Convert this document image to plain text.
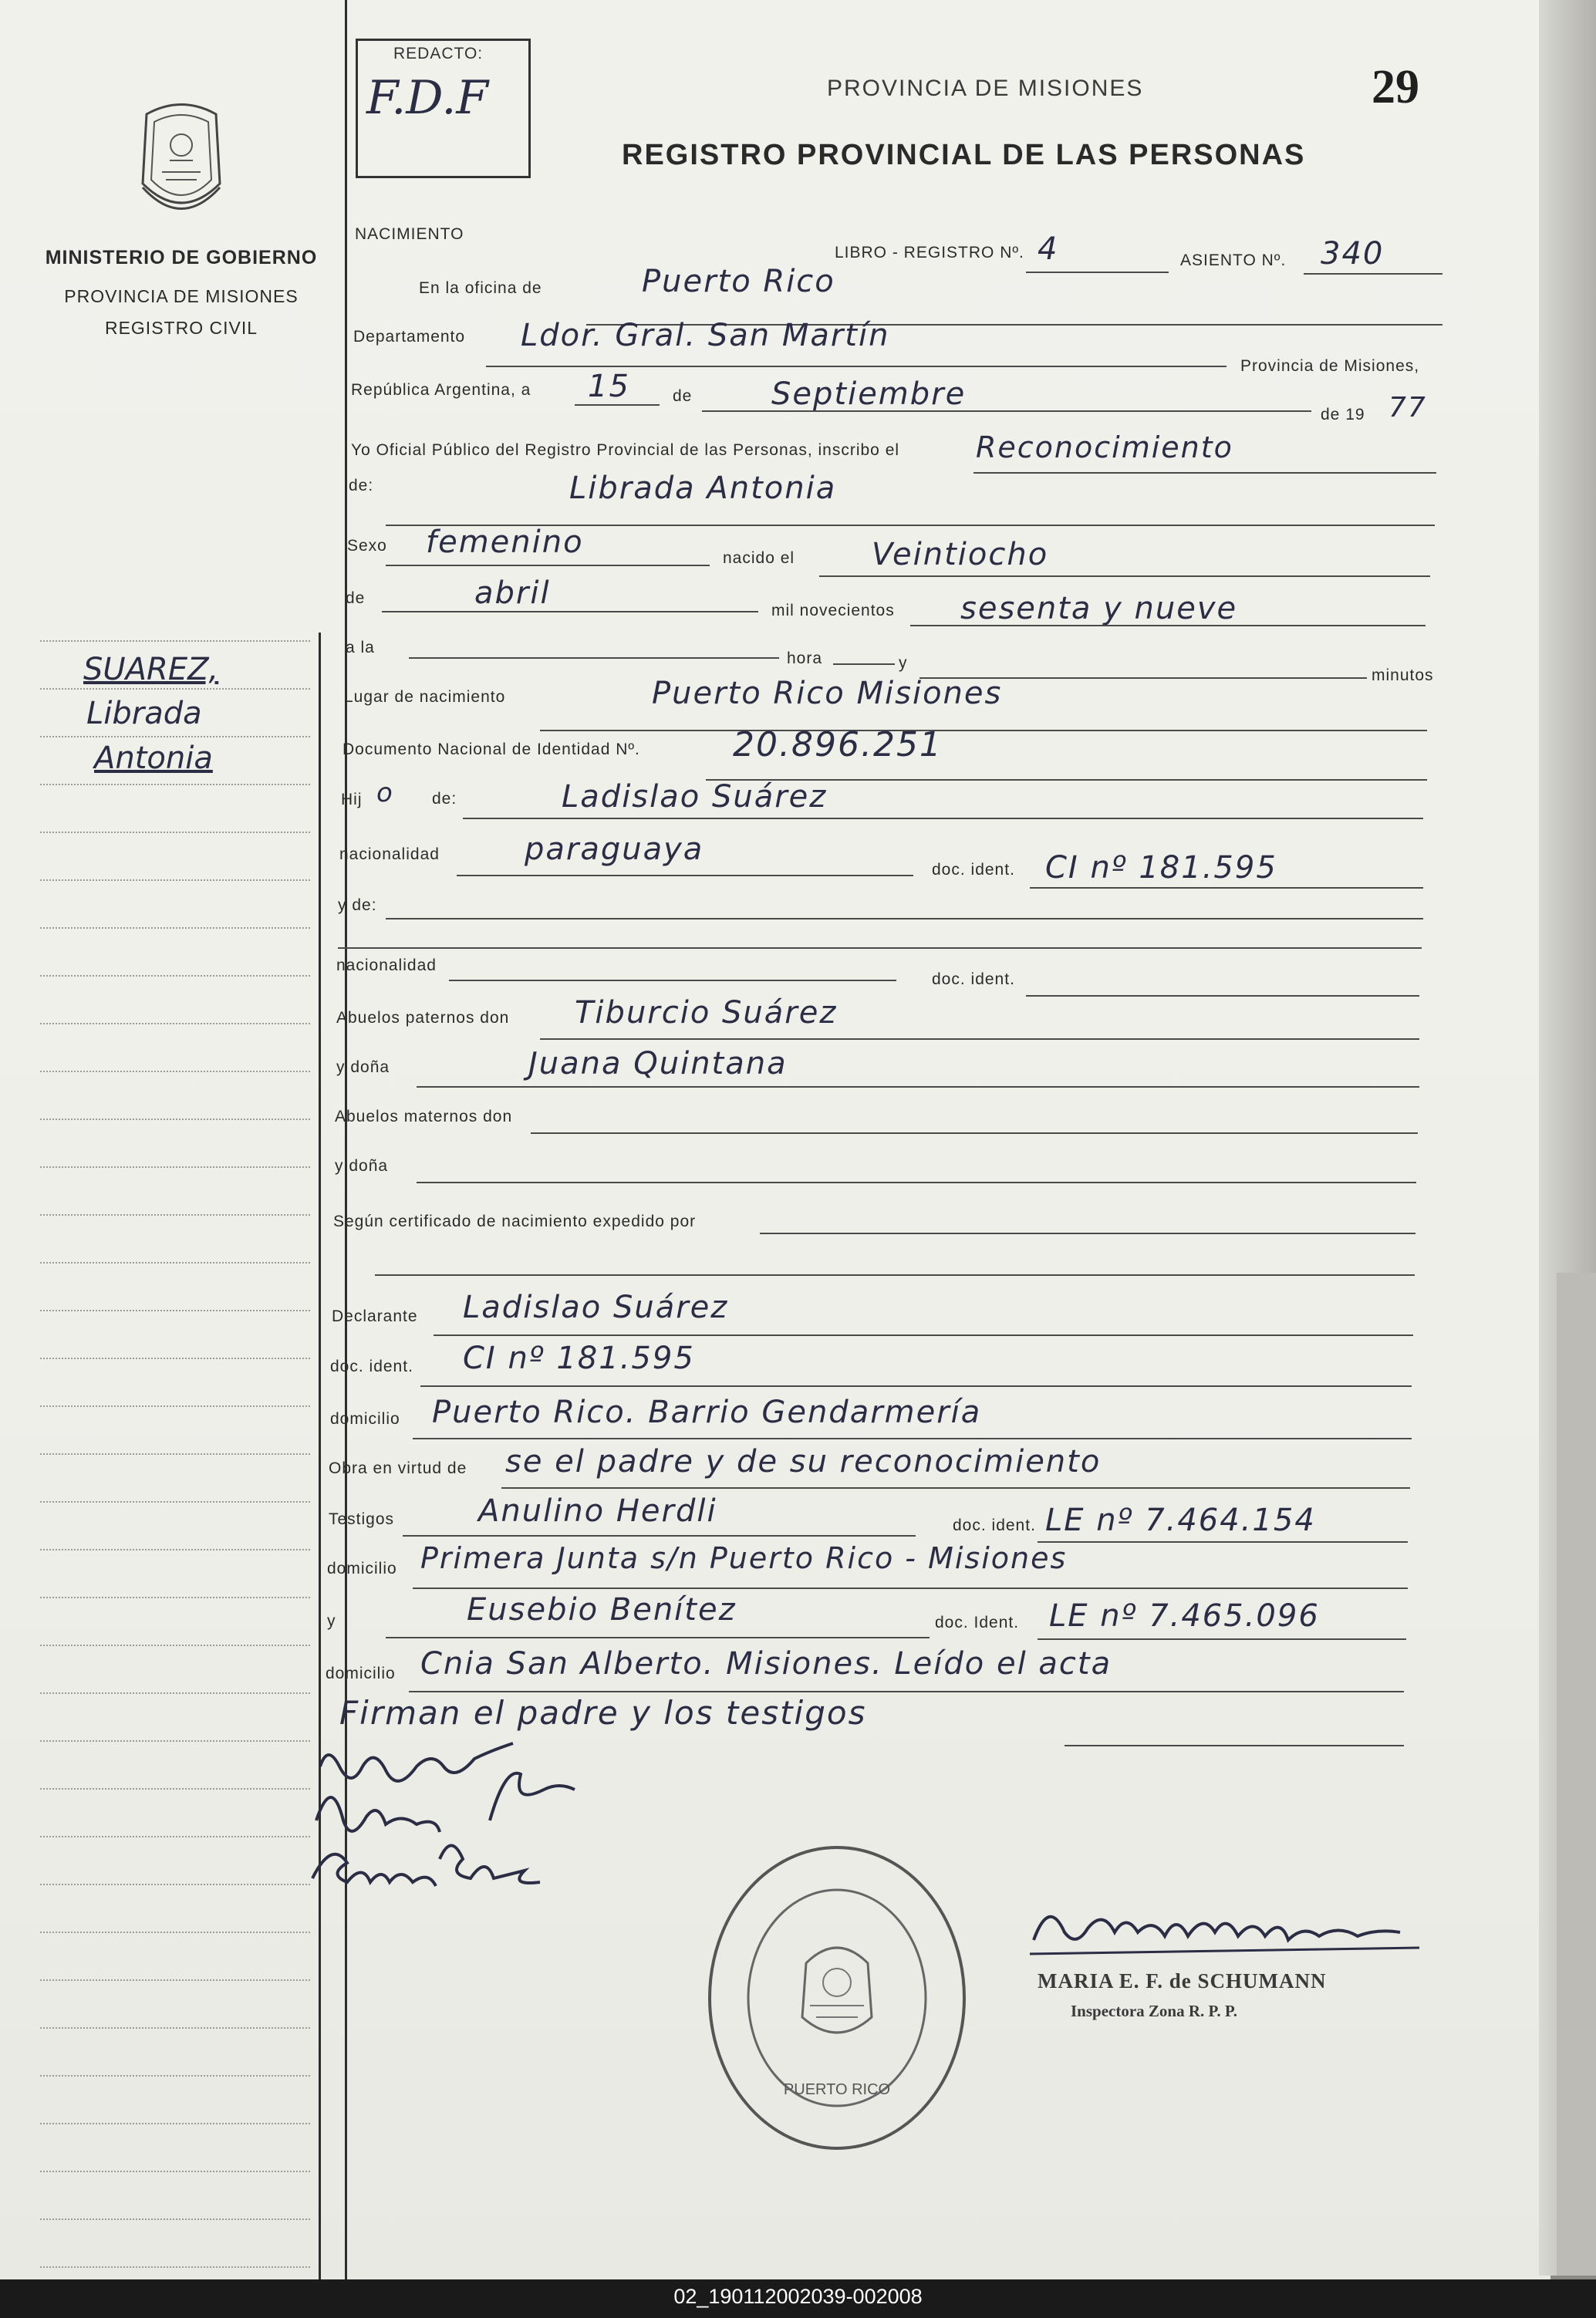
MINISTERIO DE GOBIERNO
PROVINCIA DE MISIONES
REGISTRO CIVIL
SUAREZ,
Librada
Antonia
REDACTO:
F.D.F	PROVINCIA DE MISIONES	29
REGISTRO PROVINCIAL DE LAS PERSONAS
NACIMIENTO
LIBRO - REGISTRO Nº. 4	ASIENTO Nº. 340
En la oficina de	Puerto Rico
Departamento Ldor. Gral. San Martín
Provincia de Misiones,
República Argentina, a 15	de	Septiembre
de 19 77
Yo Oficial Público del Registro Provincial de las Personas, inscribo el	Reconocimiento
de:	Librada Antonia
Sexo femenino	nacido el Veintiocho
de	abril	mil novecientos sesenta y nueve
a la
hora	y
minutos
Lugar de nacimiento	Puerto Rico Misiones
Documento Nacional de Identidad Nº.	20.896.251
Hij o de:	Ladislao Suárez
nacionalidad	paraguaya
doc. ident. CI nº 181.595
y de:
nacionalidad
doc. ident.
Abuelos paternos don Tiburcio Suárez
y doña	Juana Quintana
Abuelos maternos don
y doña
Según certificado de nacimiento expedido por
Declarante Ladislao Suárez
doc. ident. CI nº 181.595
domicilio Puerto Rico. Barrio Gendarmería
Obra en virtud de se el padre y de su reconocimiento
Testigos	Anulino Herdli	doc. ident. LE nº 7.464.154
domicilio Primera Junta s/n Puerto Rico - Misiones
y	Eusebio Benítez	doc. Ident. LE nº 7.465.096
domicilio Cnia San Alberto. Misiones. Leído el acta
Firman el padre y los testigos
PUERTO RICO
MARIA E. F. de SCHUMANN
Inspectora Zona R. P. P.
02_190112002039-002008
